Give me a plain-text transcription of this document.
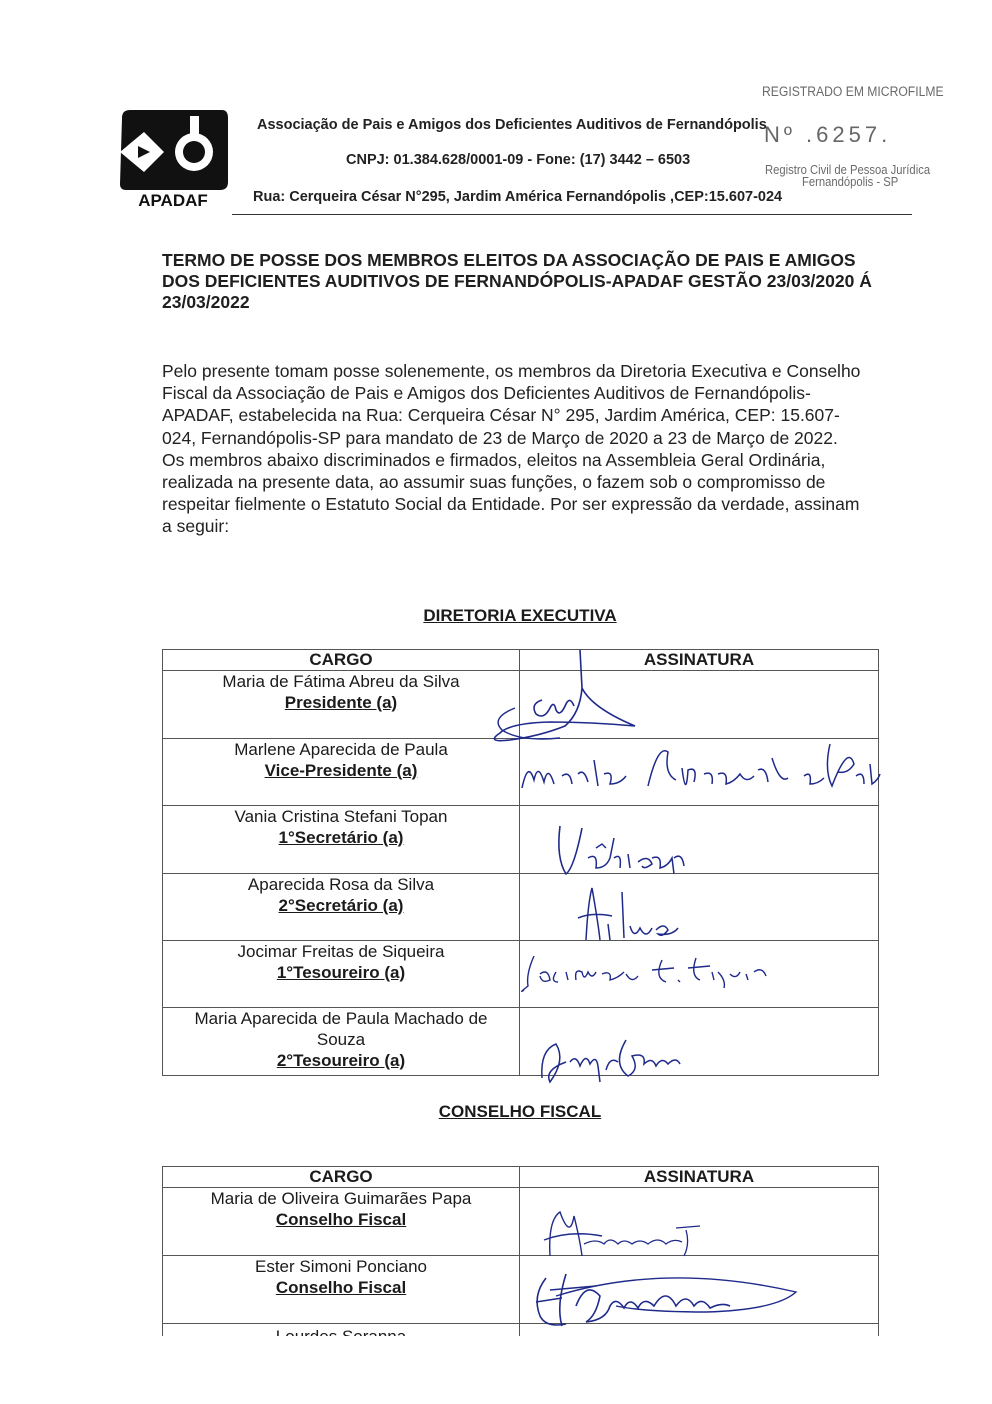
REGISTRADO EM MICROFILME
Nº .6257.
Registro Civil de Pessoa Jurídica
Fernandópolis - SP
APADAF
Associação de Pais e Amigos dos Deficientes Auditivos de Fernandópolis
CNPJ: 01.384.628/0001-09 - Fone: (17) 3442 – 6503
Rua: Cerqueira César N°295, Jardim América Fernandópolis ,CEP:15.607-024
TERMO DE POSSE DOS MEMBROS ELEITOS DA ASSOCIAÇÃO DE PAIS E AMIGOS DOS DEFICIENTES AUDITIVOS DE FERNANDÓPOLIS-APADAF GESTÃO 23/03/2020 Á 23/03/2022
Pelo presente tomam posse solenemente, os membros da Diretoria Executiva e Conselho Fiscal da Associação de Pais e Amigos dos Deficientes Auditivos de Fernandópolis-APADAF, estabelecida na Rua: Cerqueira César N° 295, Jardim América, CEP: 15.607-024, Fernandópolis-SP para mandato de 23 de Março de 2020 a 23 de Março de 2022.
Os membros abaixo discriminados e firmados, eleitos na Assembleia Geral Ordinária, realizada na presente data, ao assumir suas funções, o fazem sob o compromisso de respeitar fielmente o Estatuto Social da Entidade. Por ser expressão da verdade, assinam a seguir:
DIRETORIA EXECUTIVA
CARGO	ASSINATURA

Maria de Fátima Abreu da Silva
Presidente (a)	

Marlene Aparecida de Paula
Vice-Presidente (a)	

Vania Cristina Stefani Topan
1°Secretário (a)	

Aparecida Rosa da Silva
2°Secretário (a)	

Jocimar Freitas de Siqueira
1°Tesoureiro (a)	

Maria Aparecida de Paula Machado de Souza
2°Tesoureiro (a)	

CONSELHO FISCAL
CARGO	ASSINATURA

Maria de Oliveira Guimarães Papa
Conselho Fiscal	

Ester Simoni Ponciano
Conselho Fiscal	
